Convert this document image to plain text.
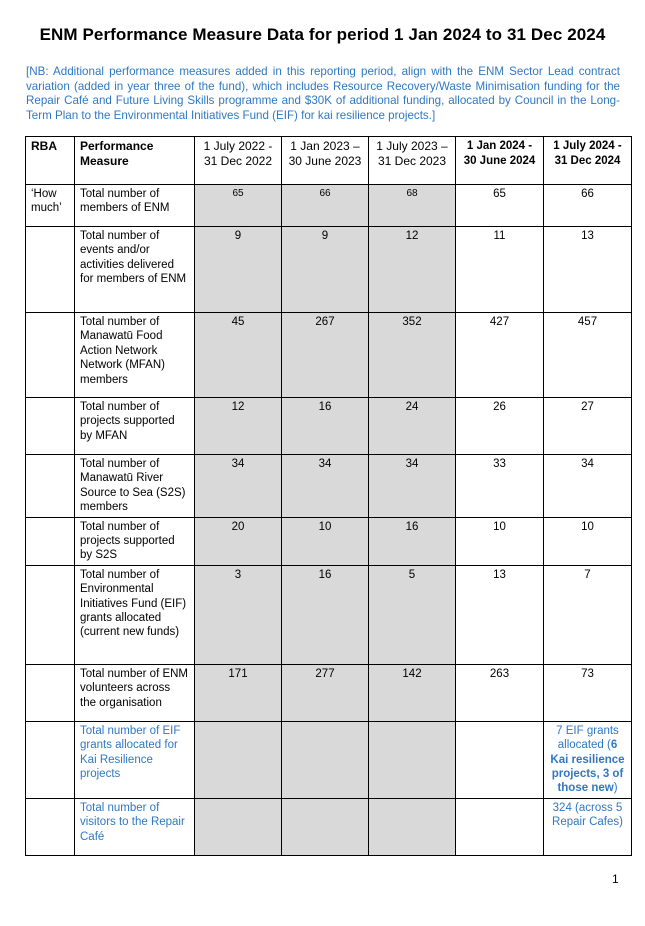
ENM Performance Measure Data for period 1 Jan 2024 to 31 Dec 2024
[NB: Additional performance measures added in this reporting period, align with the ENM Sector Lead contract variation (added in year three of the fund), which includes Resource Recovery/Waste Minimisation funding for the Repair Café and Future Living Skills programme and $30K of additional funding, allocated by Council in the Long-Term Plan to the Environmental Initiatives Fund (EIF) for kai resilience projects.]
RBA	Performance Measure	1 July 2022 - 31 Dec 2022	1 Jan 2023 – 30 June 2023	1 July 2023 – 31 Dec 2023	1 Jan 2024 - 30 June 2024	1 July 2024 - 31 Dec 2024
‘How much’	Total number of members of ENM	65	66	68	65	66
	Total number of events and/or activities delivered for members of ENM	9	9	12	11	13
	Total number of Manawatū Food Action Network Network (MFAN) members	45	267	352	427	457
	Total number of projects supported by MFAN	12	16	24	26	27
	Total number of Manawatū River Source to Sea (S2S) members	34	34	34	33	34
	Total number of projects supported by S2S	20	10	16	10	10
	Total number of Environmental Initiatives Fund (EIF) grants allocated (current new funds)	3	16	5	13	7
	Total number of ENM volunteers across the organisation	171	277	142	263	73
	Total number of EIF grants allocated for Kai Resilience projects					7 EIF grants allocated (6 Kai resilience projects, 3 of those new)
	Total number of visitors to the Repair Café					324 (across 5 Repair Cafes)
1
